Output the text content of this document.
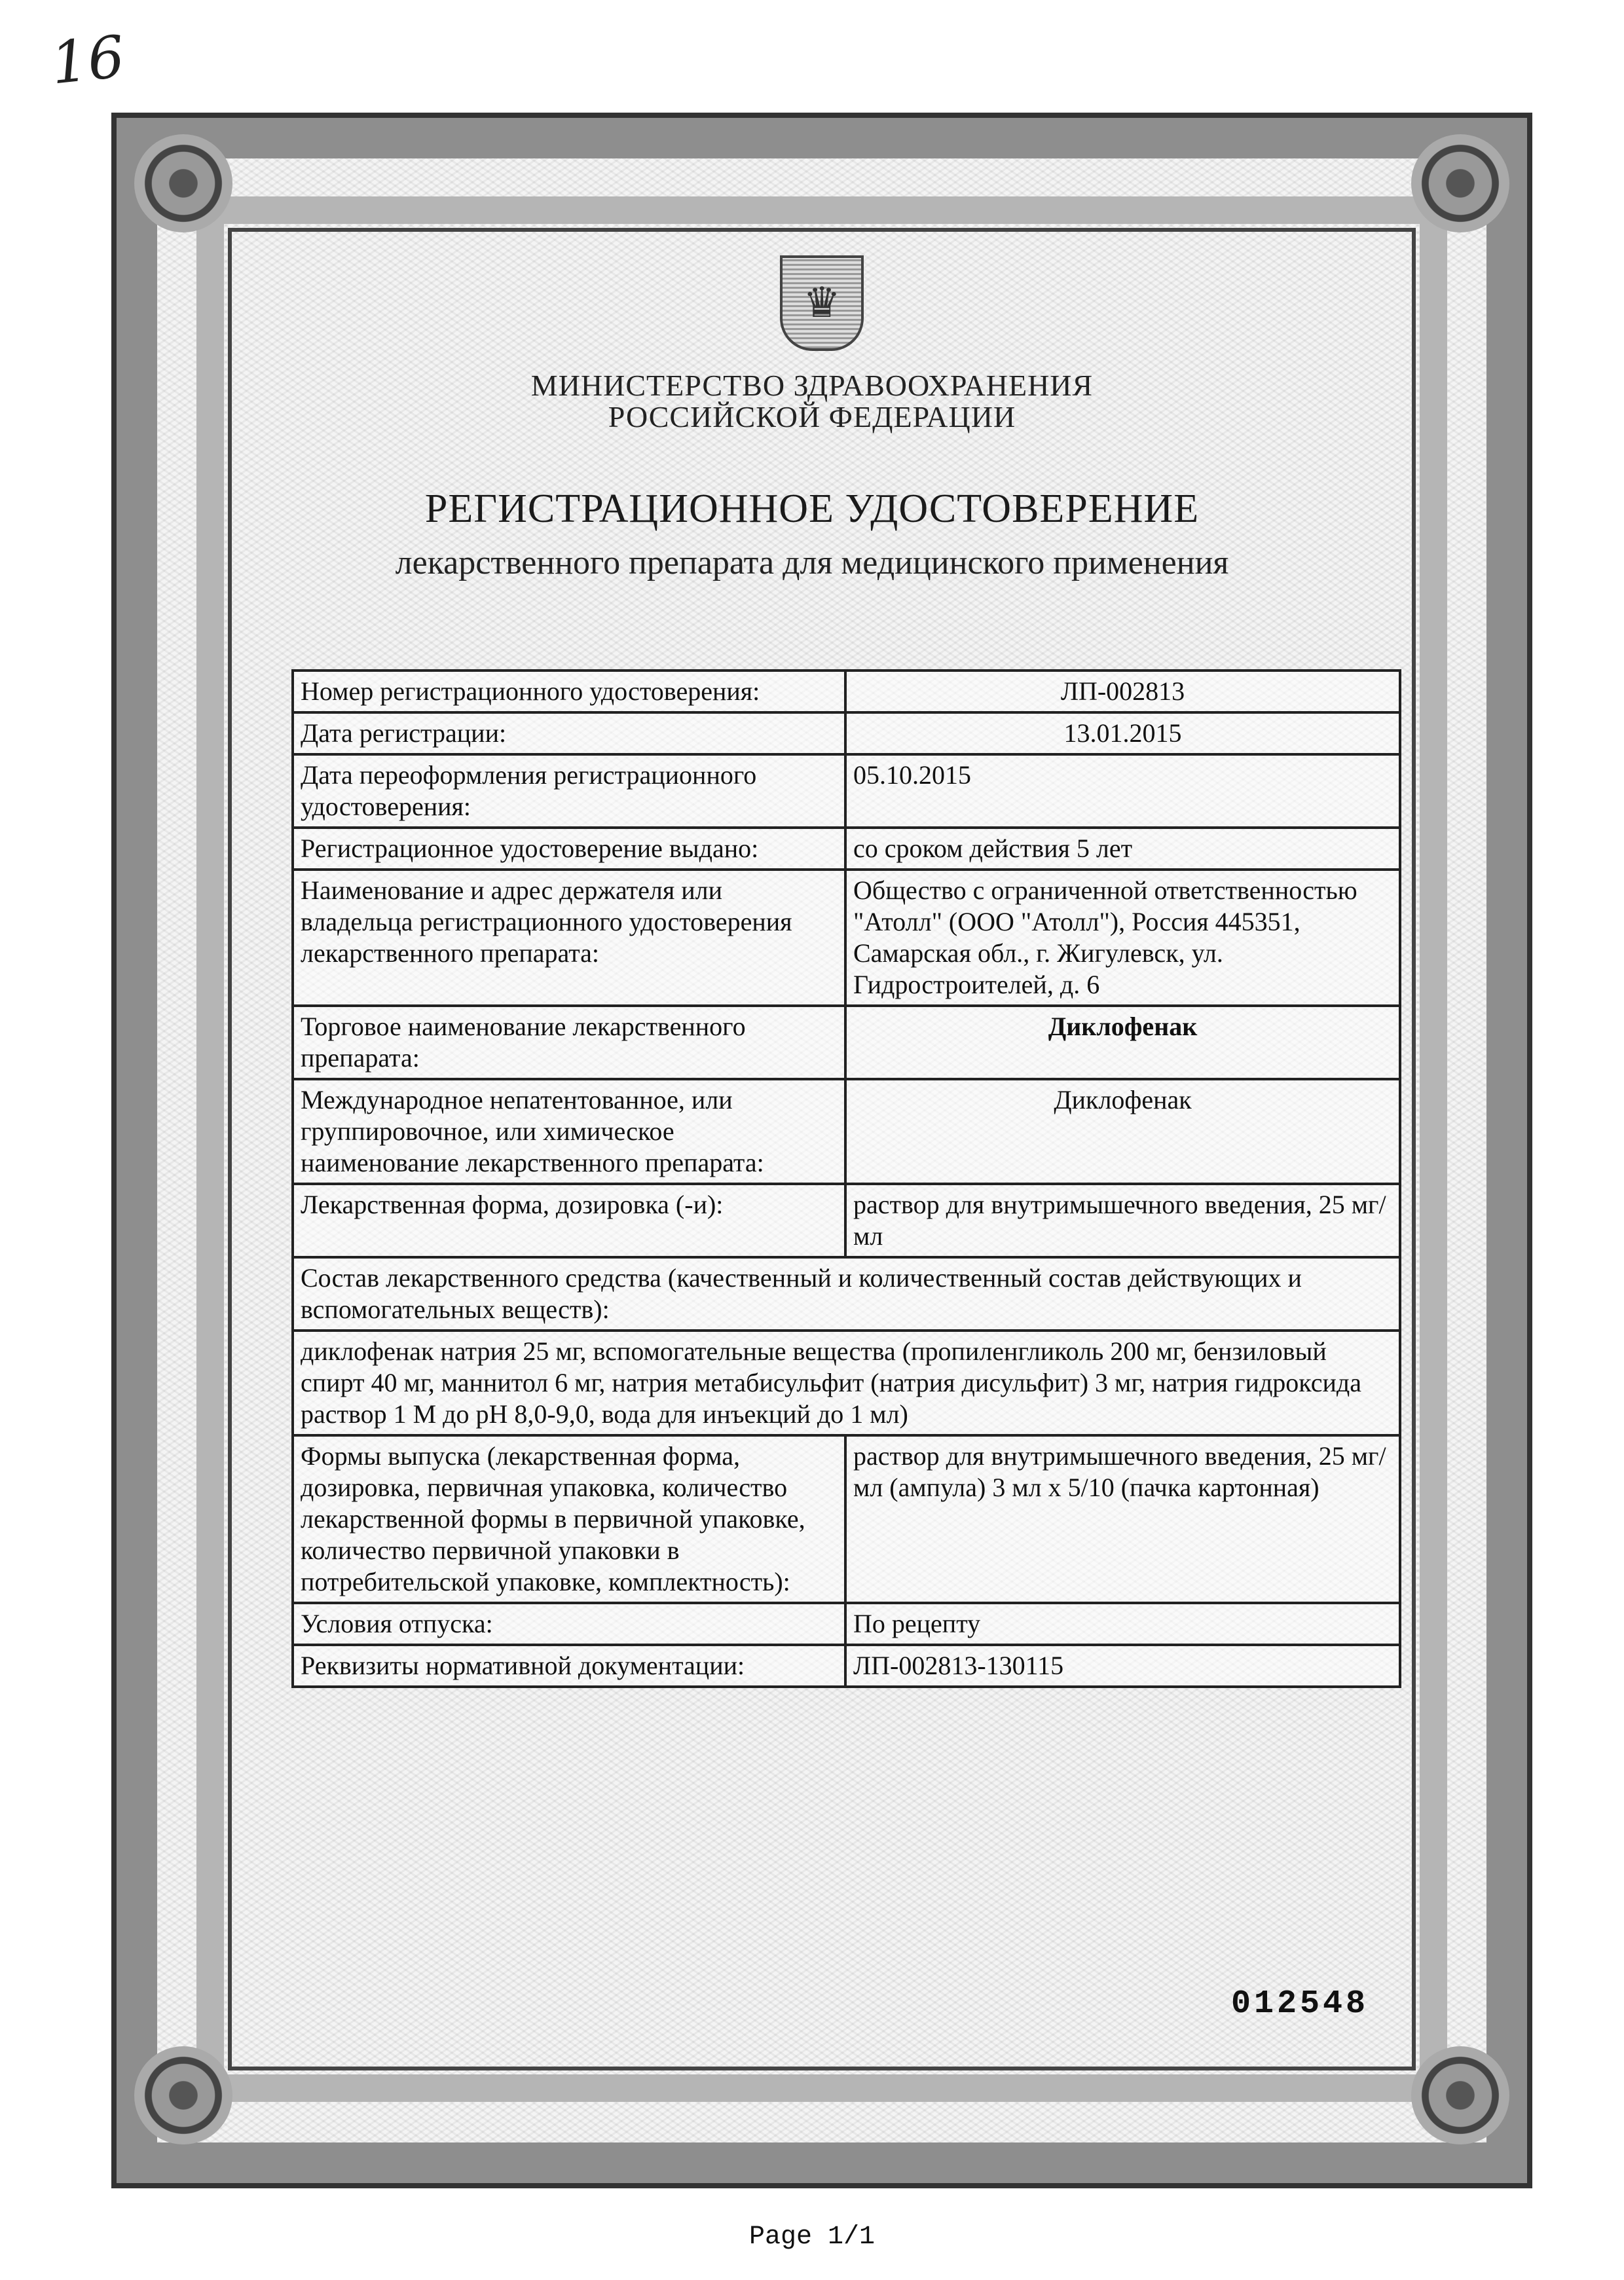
16
♛
МИНИСТЕРСТВО ЗДРАВООХРАНЕНИЯ
РОССИЙСКОЙ ФЕДЕРАЦИИ
РЕГИСТРАЦИОННОЕ УДОСТОВЕРЕНИЕ
лекарственного препарата для медицинского применения
Номер регистрационного удостоверения:	ЛП-002813
Дата регистрации:	13.01.2015
Дата переоформления регистрационного удостоверения:	05.10.2015
Регистрационное удостоверение выдано:	со сроком действия 5 лет
Наименование и адрес держателя или владельца регистрационного удостоверения лекарственного препарата:	Общество с ограниченной ответственностью "Атолл" (ООО "Атолл"), Россия 445351, Самарская обл., г. Жигулевск, ул. Гидростроителей, д. 6
Торговое наименование лекарственного препарата:	Диклофенак
Международное непатентованное, или группировочное, или химическое наименование лекарственного препарата:	Диклофенак
Лекарственная форма, дозировка (-и):	раствор для внутримышечного введения, 25 мг/мл
Состав лекарственного средства (качественный и количественный состав действующих и вспомогательных веществ):	
диклофенак натрия 25 мг, вспомогательные вещества (пропиленгликоль 200 мг, бензиловый спирт 40 мг, маннитол 6 мг, натрия метабисульфит (натрия дисульфит) 3 мг, натрия гидроксида раствор 1 М до рН 8,0-9,0, вода для инъекций до 1 мл)	
Формы выпуска (лекарственная форма, дозировка, первичная упаковка, количество лекарственной формы в первичной упаковке, количество первичной упаковки в потребительской упаковке, комплектность):	раствор для внутримышечного введения, 25 мг/мл (ампула) 3 мл х 5/10 (пачка картонная)
Условия отпуска:	По рецепту
Реквизиты нормативной документации:	ЛП-002813-130115
012548
Page 1/1
